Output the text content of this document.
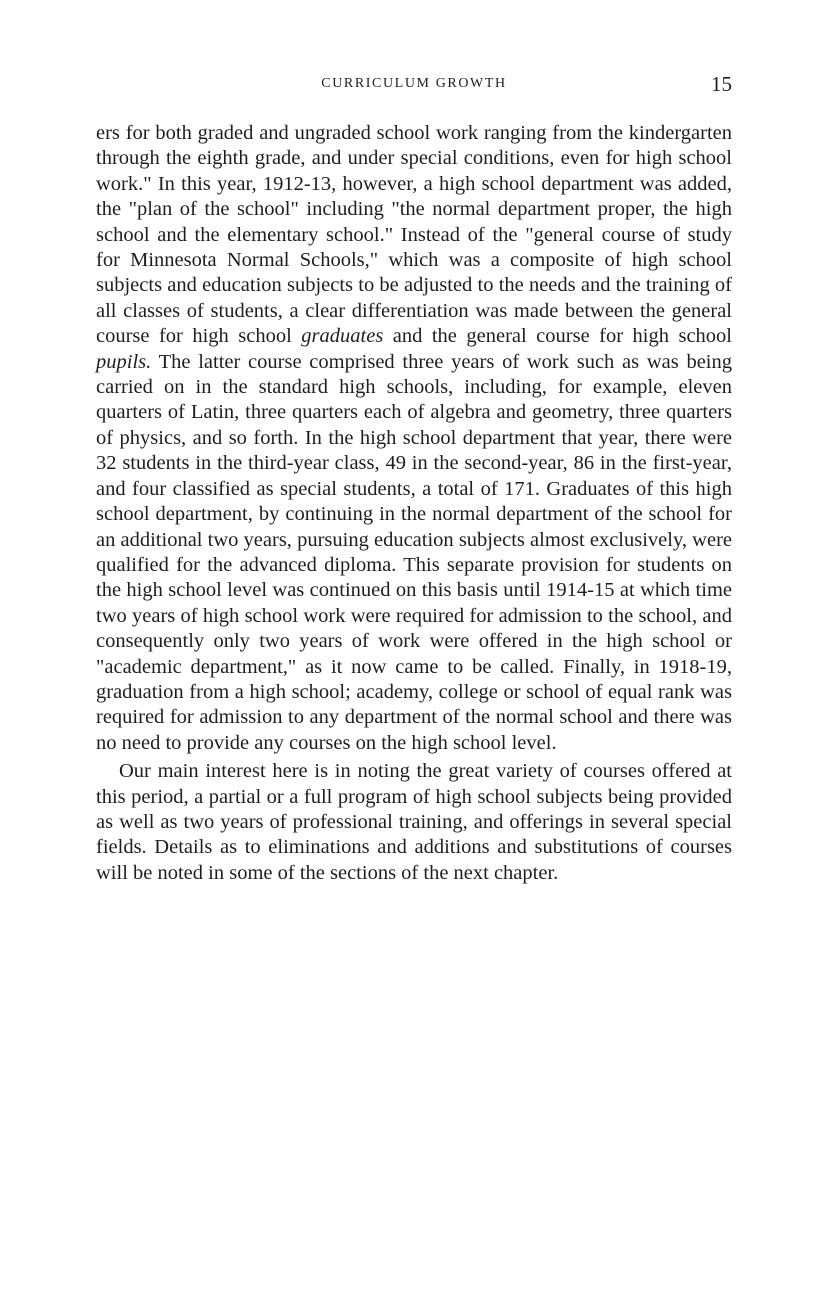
CURRICULUM GROWTH	15

ers for both graded and ungraded school work ranging from the kindergarten through the eighth grade, and under special conditions, even for high school work." In this year, 1912-13, however, a high school department was added, the "plan of the school" including "the normal department proper, the high school and the elementary school." Instead of the "general course of study for Minnesota Normal Schools," which was a composite of high school subjects and education subjects to be adjusted to the needs and the training of all classes of students, a clear differentiation was made between the general course for high school graduates and the general course for high school pupils. The latter course comprised three years of work such as was being carried on in the standard high schools, including, for example, eleven quarters of Latin, three quarters each of algebra and geometry, three quarters of physics, and so forth. In the high school department that year, there were 32 students in the third-year class, 49 in the second-year, 86 in the first-year, and four classified as special students, a total of 171. Graduates of this high school department, by continuing in the normal department of the school for an additional two years, pursuing education subjects almost exclusively, were qualified for the advanced diploma. This separate provision for students on the high school level was continued on this basis until 1914-15 at which time two years of high school work were required for admission to the school, and consequently only two years of work were offered in the high school or "academic department," as it now came to be called. Finally, in 1918-19, graduation from a high school; academy, college or school of equal rank was required for admission to any department of the normal school and there was no need to provide any courses on the high school level.

Our main interest here is in noting the great variety of courses offered at this period, a partial or a full program of high school subjects being provided as well as two years of professional training, and offerings in several special fields. Details as to eliminations and additions and substitutions of courses will be noted in some of the sections of the next chapter.
